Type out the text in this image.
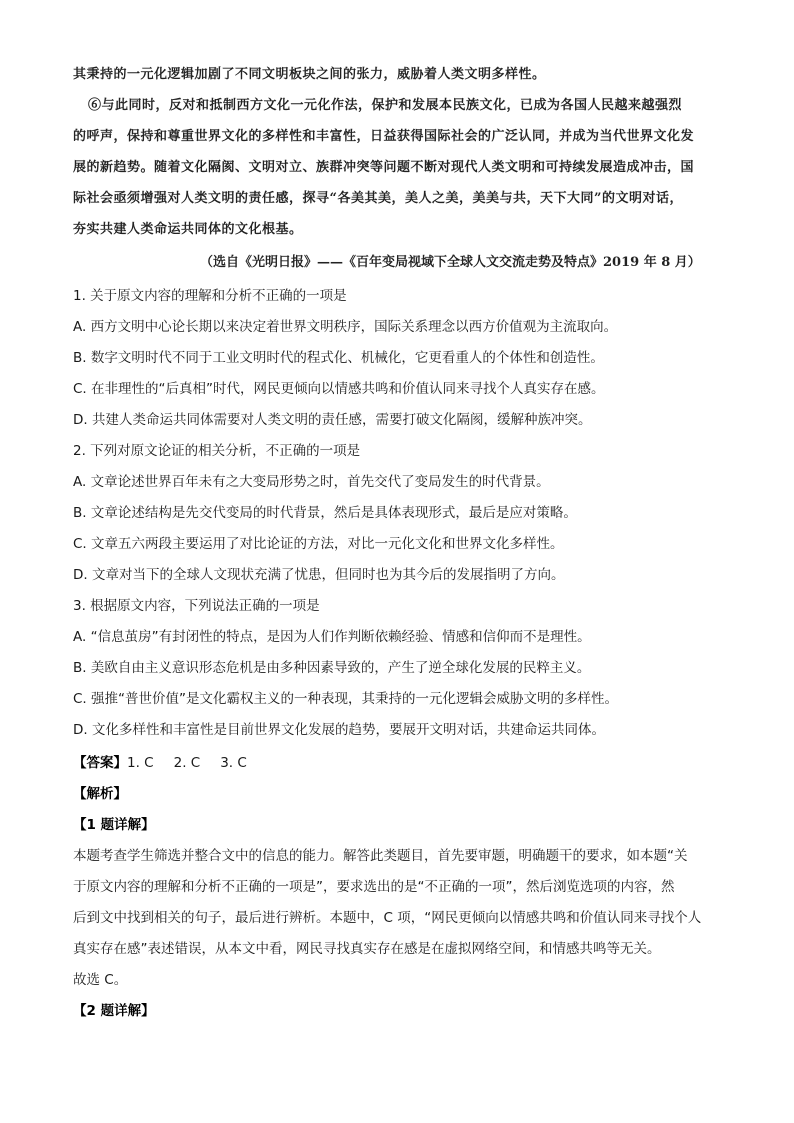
其秉持的一元化逻辑加剧了不同文明板块之间的张力，威胁着人类文明多样性。
⑥与此同时，反对和抵制西方文化一元化作法，保护和发展本民族文化，已成为各国人民越来越强烈
的呼声，保持和尊重世界文化的多样性和丰富性，日益获得国际社会的广泛认同，并成为当代世界文化发
展的新趋势。随着文化隔阂、文明对立、族群冲突等问题不断对现代人类文明和可持续发展造成冲击，国
际社会亟须增强对人类文明的责任感，探寻“各美其美，美人之美，美美与共，天下大同”的文明对话，
夯实共建人类命运共同体的文化根基。
（选自《光明日报》——《百年变局视域下全球人文交流走势及特点》2019 年 8 月）
1. 关于原文内容的理解和分析不正确的一项是
A. 西方文明中心论长期以来决定着世界文明秩序，国际关系理念以西方价值观为主流取向。
B. 数字文明时代不同于工业文明时代的程式化、机械化，它更看重人的个体性和创造性。
C. 在非理性的“后真相”时代，网民更倾向以情感共鸣和价值认同来寻找个人真实存在感。
D. 共建人类命运共同体需要对人类文明的责任感，需要打破文化隔阂，缓解种族冲突。
2. 下列对原文论证的相关分析，不正确的一项是
A. 文章论述世界百年未有之大变局形势之时，首先交代了变局发生的时代背景。
B. 文章论述结构是先交代变局的时代背景，然后是具体表现形式，最后是应对策略。
C. 文章五六两段主要运用了对比论证的方法，对比一元化文化和世界文化多样性。
D. 文章对当下的全球人文现状充满了忧患，但同时也为其今后的发展指明了方向。
3. 根据原文内容，下列说法正确的一项是
A. “信息茧房”有封闭性的特点，是因为人们作判断依赖经验、情感和信仰而不是理性。
B. 美欧自由主义意识形态危机是由多种因素导致的，产生了逆全球化发展的民粹主义。
C. 强推“普世价值”是文化霸权主义的一种表现，其秉持的一元化逻辑会威胁文明的多样性。
D. 文化多样性和丰富性是目前世界文化发展的趋势，要展开文明对话，共建命运共同体。
【答案】1. C 2. C 3. C
【解析】
【1 题详解】
本题考查学生筛选并整合文中的信息的能力。解答此类题目，首先要审题，明确题干的要求，如本题“关
于原文内容的理解和分析不正确的一项是”，要求选出的是“不正确的一项”，然后浏览选项的内容，然
后到文中找到相关的句子，最后进行辨析。本题中，C 项，“网民更倾向以情感共鸣和价值认同来寻找个人
真实存在感”表述错误，从本文中看，网民寻找真实存在感是在虚拟网络空间，和情感共鸣等无关。
故选 C。
【2 题详解】
